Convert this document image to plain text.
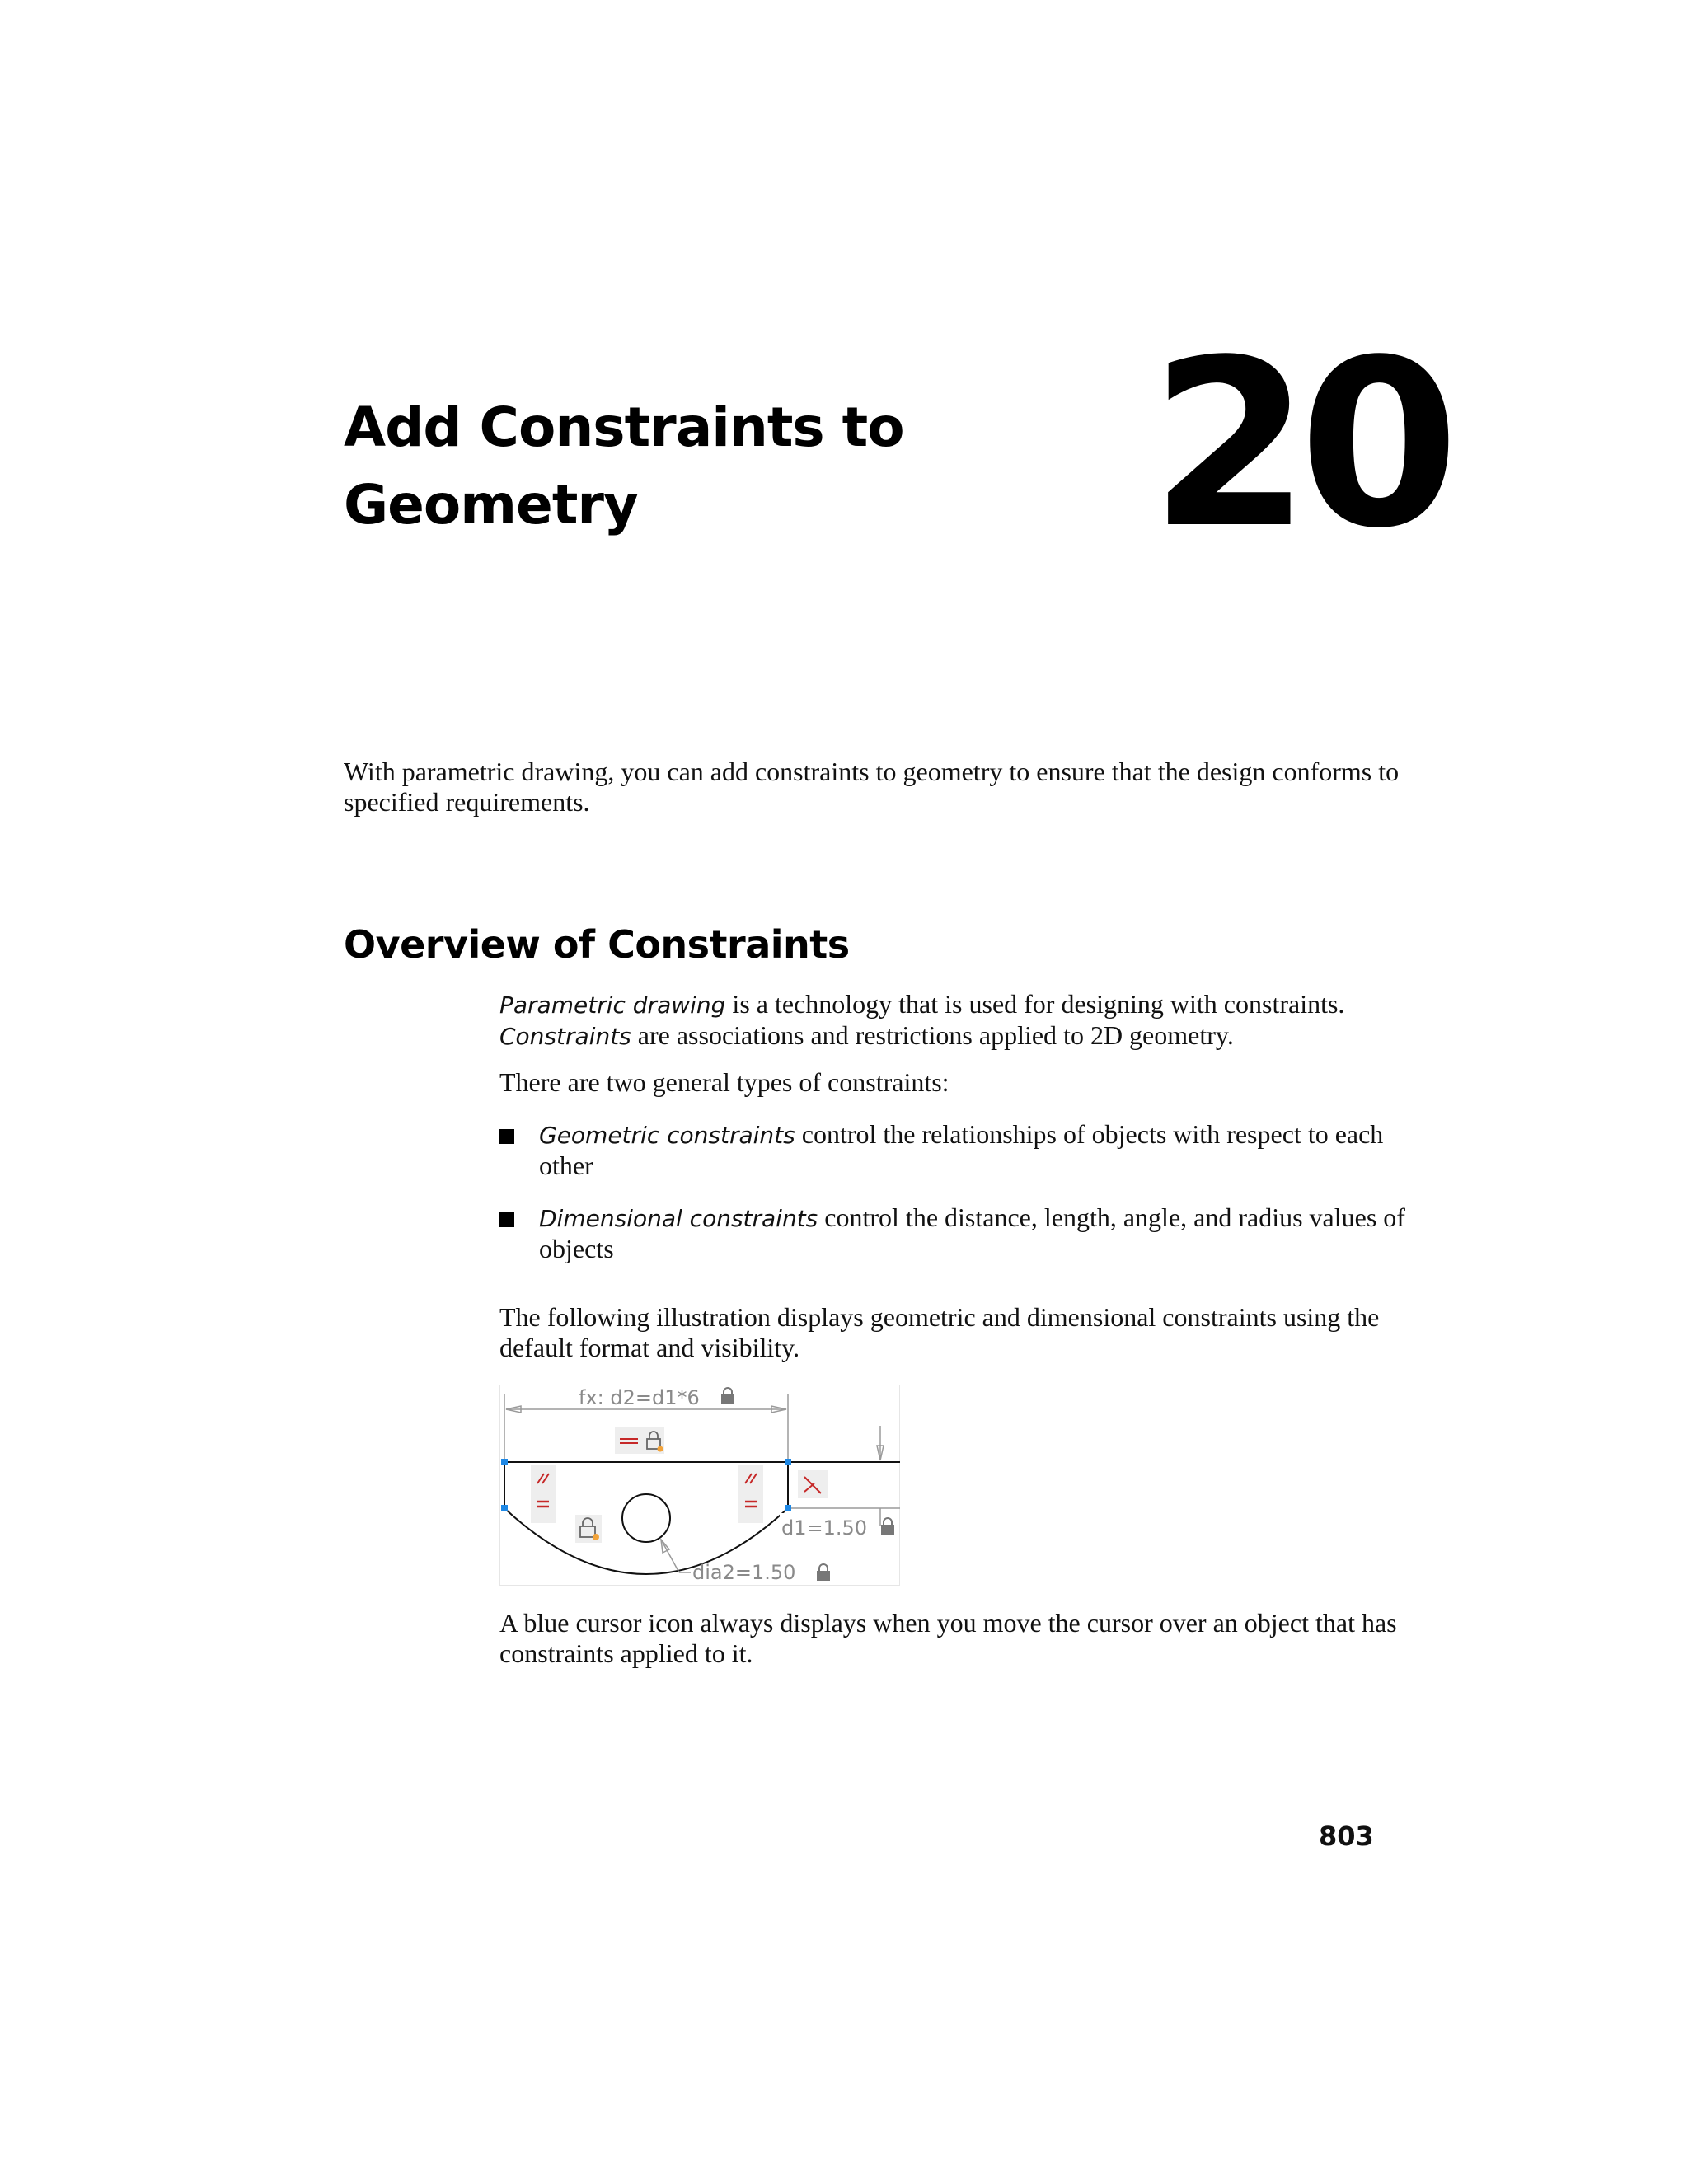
Add Constraints to
Geometry	20
With parametric drawing, you can add constraints to geometry to ensure that the design conforms to specified requirements.
Overview of Constraints

Parametric drawing is a technology that is used for designing with constraints.

Constraints are associations and restrictions applied to 2D geometry.

There are two general types of constraints:
Geometric constraints control the relationships of objects with respect to each other
Dimensional constraints control the distance, length, angle, and radius values of objects
The following illustration displays geometric and dimensional constraints using the default format and visibility.
fx: d2=d1*6
d1=1.50
dia2=1.50
A blue cursor icon always displays when you move the cursor over an object that has constraints applied to it.
803
